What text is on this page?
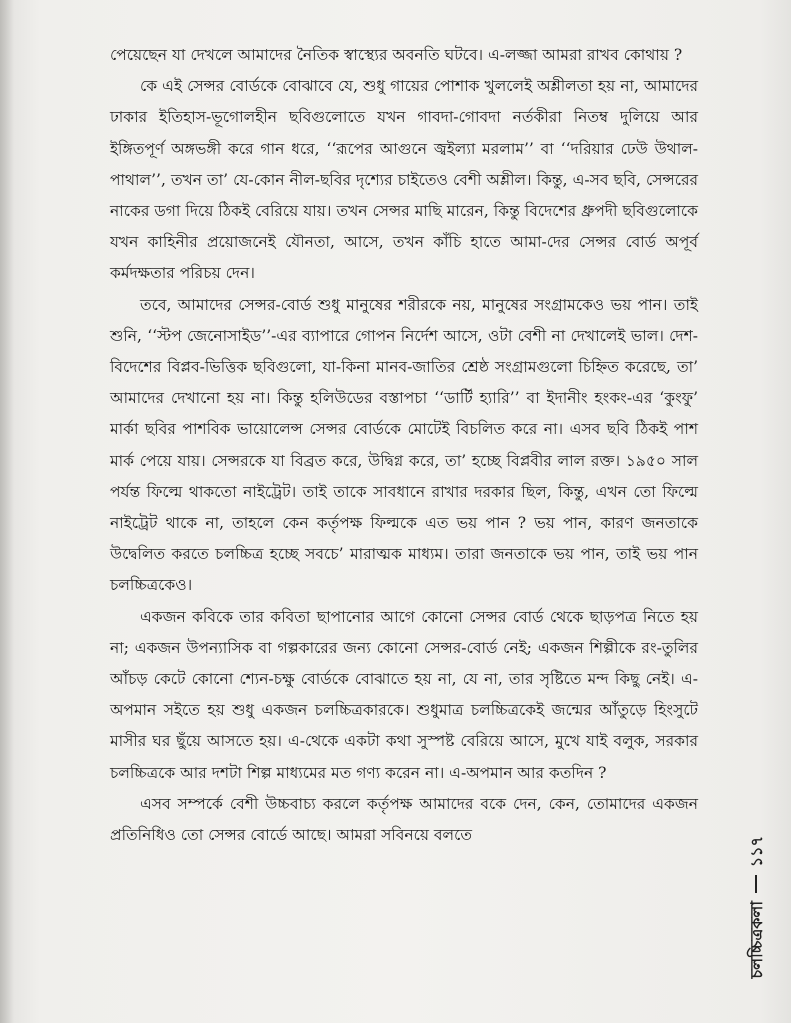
পেয়েছেন যা দেখলে আমাদের নৈতিক স্বাস্থ্যের অবনতি ঘটবে। এ-লজ্জা আমরা রাখব কোথায় ?

কে এই সেন্সর বোর্ডকে বোঝাবে যে, শুধু গায়ের পোশাক খুললেই অশ্লীলতা হয় না, আমাদের ঢাকার ইতিহাস-ভূগোলহীন ছবিগুলোতে যখন গাবদা-গোবদা নর্তকীরা নিতম্ব দুলিয়ে আর ইঙ্গিতপূর্ণ অঙ্গভঙ্গী করে গান ধরে, ‘‘রূপের আগুনে জ্বইল্যা মরলাম’’ বা ‘‘দরিয়ার ঢেউ উথাল-পাথাল’’, তখন তা’ যে-কোন নীল-ছবির দৃশ্যের চাইতেও বেশী অশ্লীল। কিন্তু, এ-সব ছবি, সেন্সরের নাকের ডগা দিয়ে ঠিকই বেরিয়ে যায়। তখন সেন্সর মাছি মারেন, কিন্তু বিদেশের ধ্রুপদী ছবিগুলোকে যখন কাহিনীর প্রয়োজনেই যৌনতা, আসে, তখন কাঁচি হাতে আমা-দের সেন্সর বোর্ড অপূর্ব কর্মদক্ষতার পরিচয় দেন।

তবে, আমাদের সেন্সর-বোর্ড শুধু মানুষের শরীরকে নয়, মানুষের সংগ্রামকেও ভয় পান। তাই শুনি, ‘‘স্টপ জেনোসাইড’’-এর ব্যাপারে গোপন নির্দেশ আসে, ওটা বেশী না দেখালেই ভাল। দেশ-বিদেশের বিপ্লব-ভিত্তিক ছবিগুলো, যা-কিনা মানব-জাতির শ্রেষ্ঠ সংগ্রামগুলো চিহ্নিত করেছে, তা’ আমাদের দেখানো হয় না। কিন্তু হলিউডের বস্তাপচা ‘‘ডার্টি হ্যারি’’ বা ইদানীং হংকং-এর ‘কুংফু’ মার্কা ছবির পাশবিক ভায়োলেন্স সেন্সর বোর্ডকে মোটেই বিচলিত করে না। এসব ছবি ঠিকই পাশ মার্ক পেয়ে যায়। সেন্সরকে যা বিব্রত করে, উদ্বিগ্ন করে, তা’ হচ্ছে বিপ্লবীর লাল রক্ত। ১৯৫০ সাল পর্যন্ত ফিল্মে থাকতো নাইট্রেট। তাই তাকে সাবধানে রাখার দরকার ছিল, কিন্তু, এখন তো ফিল্মে নাইট্রেট থাকে না, তাহলে কেন কর্তৃপক্ষ ফিল্মকে এত ভয় পান ? ভয় পান, কারণ জনতাকে উদ্বেলিত করতে চলচ্চিত্র হচ্ছে সবচে’ মারাত্মক মাধ্যম। তারা জনতাকে ভয় পান, তাই ভয় পান চলচ্চিত্রকেও।

একজন কবিকে তার কবিতা ছাপানোর আগে কোনো সেন্সর বোর্ড থেকে ছাড়পত্র নিতে হয় না; একজন উপন্যাসিক বা গল্পকারের জন্য কোনো সেন্সর-বোর্ড নেই; একজন শিল্পীকে রং-তুলির আঁচড় কেটে কোনো শ্যেন-চক্ষু বোর্ডকে বোঝাতে হয় না, যে না, তার সৃষ্টিতে মন্দ কিছু নেই। এ-অপমান সইতে হয় শুধু একজন চলচ্চিত্রকারকে। শুধুমাত্র চলচ্চিত্রকেই জন্মের আঁতুড়ে হিংসুটে মাসীর ঘর ছুঁয়ে আসতে হয়। এ-থেকে একটা কথা সুস্পষ্ট বেরিয়ে আসে, মুখে যাই বলুক, সরকার চলচ্চিত্রকে আর দশটা শিল্প মাধ্যমের মত গণ্য করেন না। এ-অপমান আর কতদিন ?

এসব সম্পর্কে বেশী উচ্চবাচ্য করলে কর্তৃপক্ষ আমাদের বকে দেন, কেন, তোমাদের একজন প্রতিনিধিও তো সেন্সর বোর্ডে আছে। আমরা সবিনয়ে বলতে

১১৭
চলচ্চিত্রকলা
